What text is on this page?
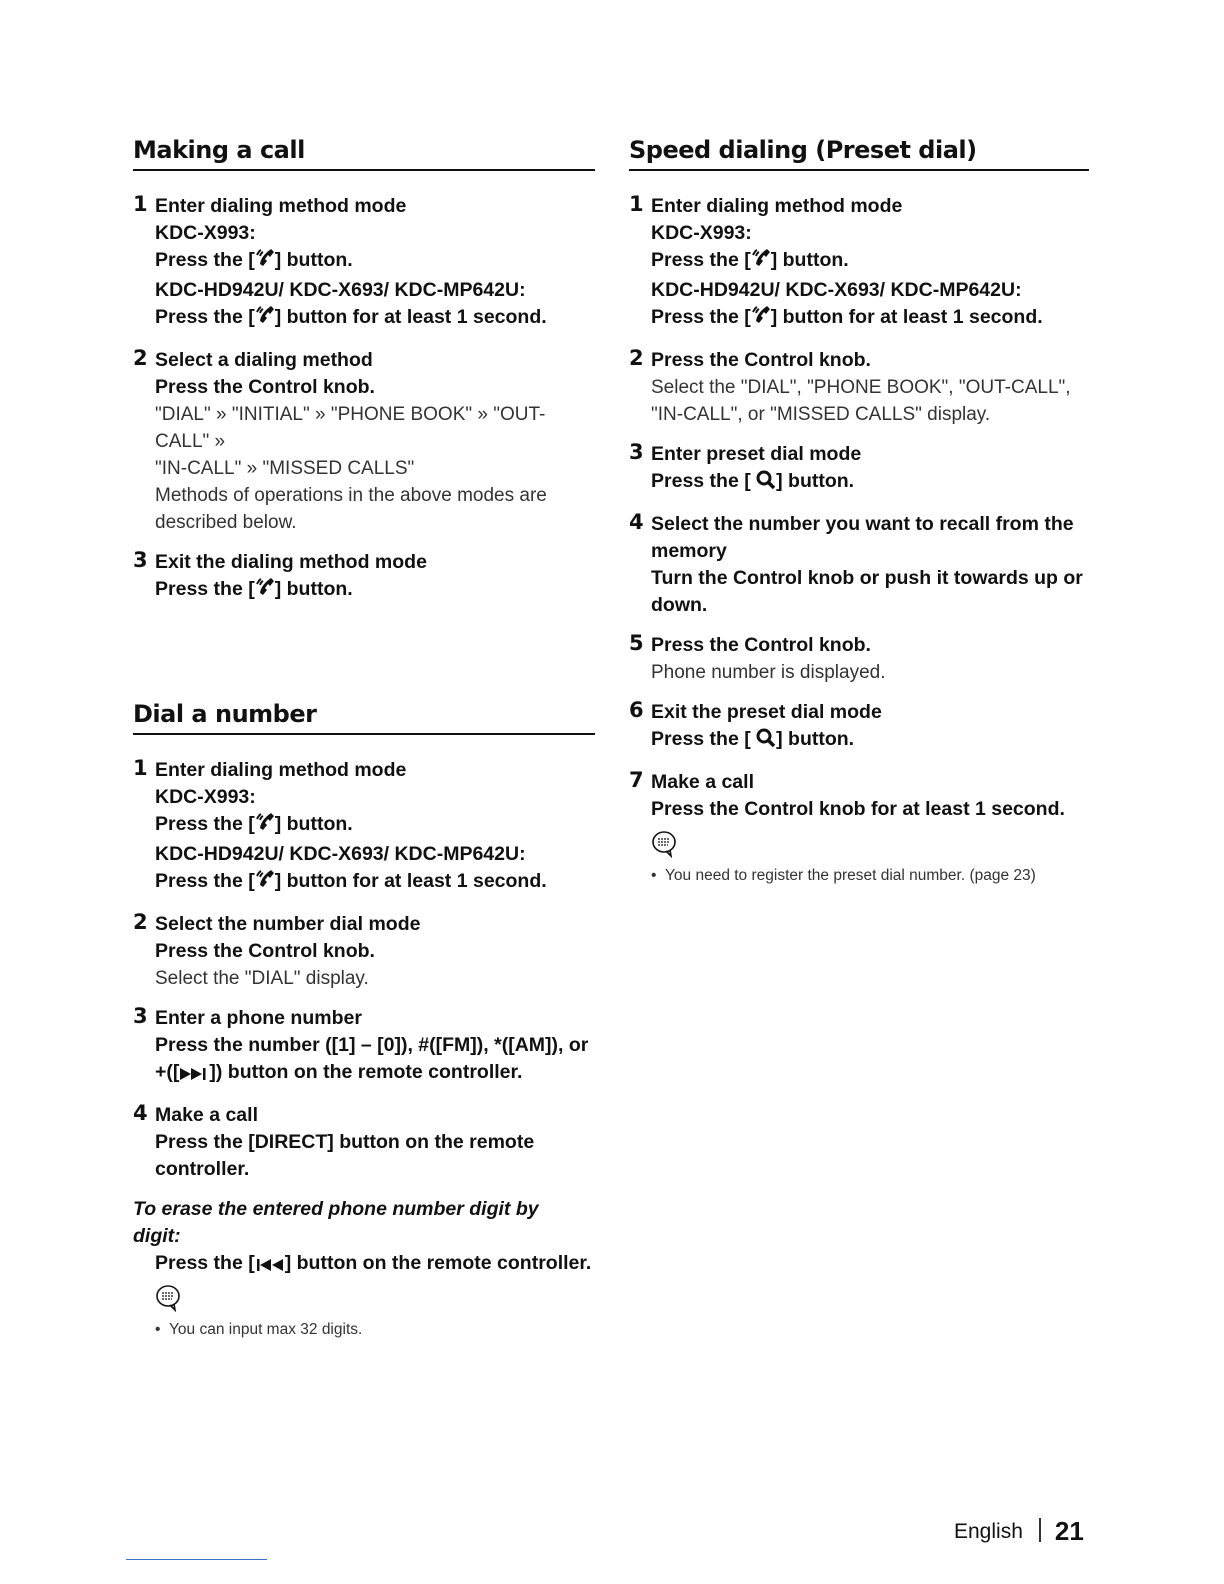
Making a call
1 Enter dialing method mode
KDC-X993:
Press the [ ] button.
KDC-HD942U/ KDC-X693/ KDC-MP642U:
Press the [ ] button for at least 1 second.
2 Select a dialing method
Press the Control knob.
"DIAL" » "INITIAL" » "PHONE BOOK" » "OUT-CALL" »
"IN-CALL" » "MISSED CALLS"
Methods of operations in the above modes are
described below.
3 Exit the dialing method mode
Press the [ ] button.
Dial a number
1 Enter dialing method mode
KDC-X993:
Press the [ ] button.
KDC-HD942U/ KDC-X693/ KDC-MP642U:
Press the [ ] button for at least 1 second.
2 Select the number dial mode
Press the Control knob.
Select the "DIAL" display.
3 Enter a phone number
Press the number ([1] – [0]), #([FM]), *([AM]), or
+([ ]) button on the remote controller.
4 Make a call
Press the [DIRECT] button on the remote
controller.
To erase the entered phone number digit by
digit:
Press the [ ] button on the remote controller.
• You can input max 32 digits.
Speed dialing (Preset dial)
1 Enter dialing method mode
KDC-X993:
Press the [ ] button.
KDC-HD942U/ KDC-X693/ KDC-MP642U:
Press the [ ] button for at least 1 second.
2 Press the Control knob.
Select the "DIAL", "PHONE BOOK", "OUT-CALL",
"IN-CALL", or "MISSED CALLS" display.
3 Enter preset dial mode
Press the [ ] button.
4 Select the number you want to recall from the
memory
Turn the Control knob or push it towards up or
down.
5 Press the Control knob.
Phone number is displayed.
6 Exit the preset dial mode
Press the [ ] button.
7 Make a call
Press the Control knob for at least 1 second.
• You need to register the preset dial number. (page 23)
English 21
